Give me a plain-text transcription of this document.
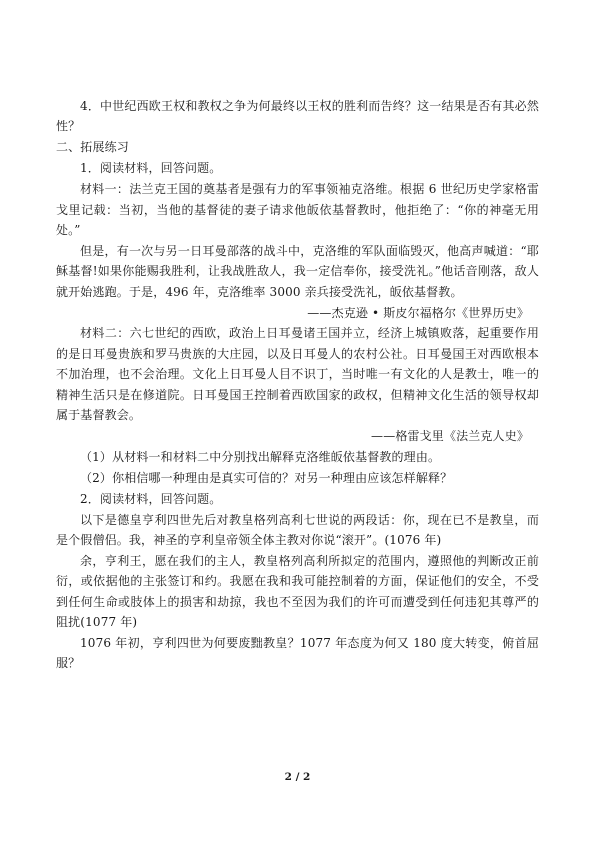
4．中世纪西欧王权和教权之争为何最终以王权的胜利而告终？这一结果是否有其必然性？

二、拓展练习

1．阅读材料，回答问题。

材料一：法兰克王国的奠基者是强有力的军事领袖克洛维。根据 6 世纪历史学家格雷戈里记载：当初，当他的基督徒的妻子请求他皈依基督教时，他拒绝了：“你的神毫无用处。”

但是，有一次与另一日耳曼部落的战斗中，克洛维的军队面临毁灭，他高声喊道：“耶稣基督!如果你能赐我胜利，让我战胜敌人，我一定信奉你，接受洗礼。”他话音刚落，敌人就开始逃跑。于是，496 年，克洛维率 3000 亲兵接受洗礼，皈依基督教。

——杰克逊 • 斯皮尔福格尔《世界历史》

材料二：六七世纪的西欧，政治上日耳曼诸王国并立，经济上城镇败落，起重要作用的是日耳曼贵族和罗马贵族的大庄园，以及日耳曼人的农村公社。日耳曼国王对西欧根本不加治理，也不会治理。文化上日耳曼人目不识丁，当时唯一有文化的人是教士，唯一的精神生活只是在修道院。日耳曼国王控制着西欧国家的政权，但精神文化生活的领导权却属于基督教会。

——格雷戈里《法兰克人史》

（1）从材料一和材料二中分别找出解释克洛维皈依基督教的理由。

（2）你相信哪一种理由是真实可信的？对另一种理由应该怎样解释？

2．阅读材料，回答问题。

以下是德皇亨利四世先后对教皇格列高利七世说的两段话：你，现在已不是教皇，而是个假僧侣。我，神圣的亨利皇帝领全体主教对你说“滚开”。(1076 年)

余，亨利王，愿在我们的主人，教皇格列高利所拟定的范围内，遵照他的判断改正前衍，或依据他的主张签订和约。我愿在我和我可能控制着的方面，保证他们的安全，不受到任何生命或肢体上的损害和劫掠，我也不至因为我们的许可而遭受到任何违犯其尊严的阻扰(1077 年)

1076 年初，亨利四世为何要废黜教皇？1077 年态度为何又 180 度大转变，俯首屈服？

2 / 2
